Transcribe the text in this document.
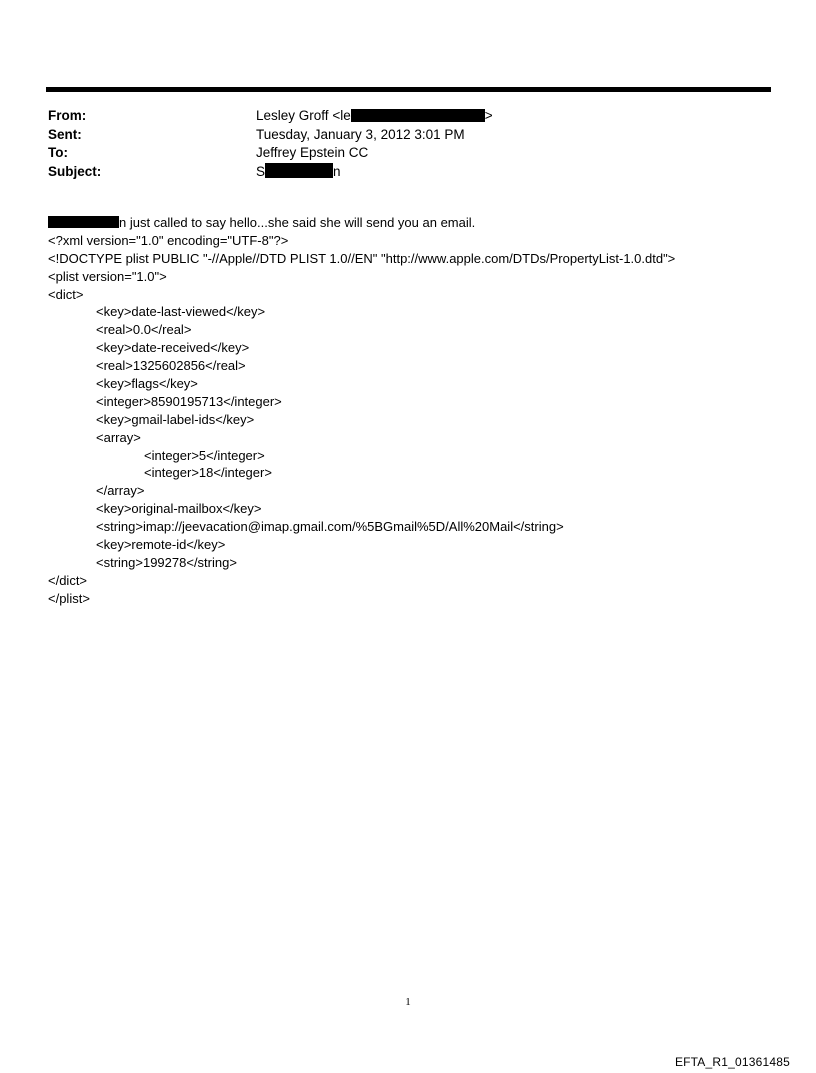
From:	Lesley Groff <le	>
Sent:	Tuesday, January 3, 2012 3:01 PM
To:	Jeffrey Epstein CC
Subject:	S	n
n just called to say hello...she said she will send you an email.
<?xml version="1.0" encoding="UTF-8"?>
<!DOCTYPE plist PUBLIC "-//Apple//DTD PLIST 1.0//EN" "http://www.apple.com/DTDs/PropertyList-1.0.dtd">
<plist version="1.0">
<dict>
<key>date-last-viewed</key>
<real>0.0</real>
<key>date-received</key>
<real>1325602856</real>
<key>flags</key>
<integer>8590195713</integer>
<key>gmail-label-ids</key>
<array>
<integer>5</integer>
<integer>18</integer>
</array>
<key>original-mailbox</key>
<string>imap://jeevacation@imap.gmail.com/%5BGmail%5D/All%20Mail</string>
<key>remote-id</key>
<string>199278</string>
</dict>
</plist>
1
EFTA_R1_01361485
